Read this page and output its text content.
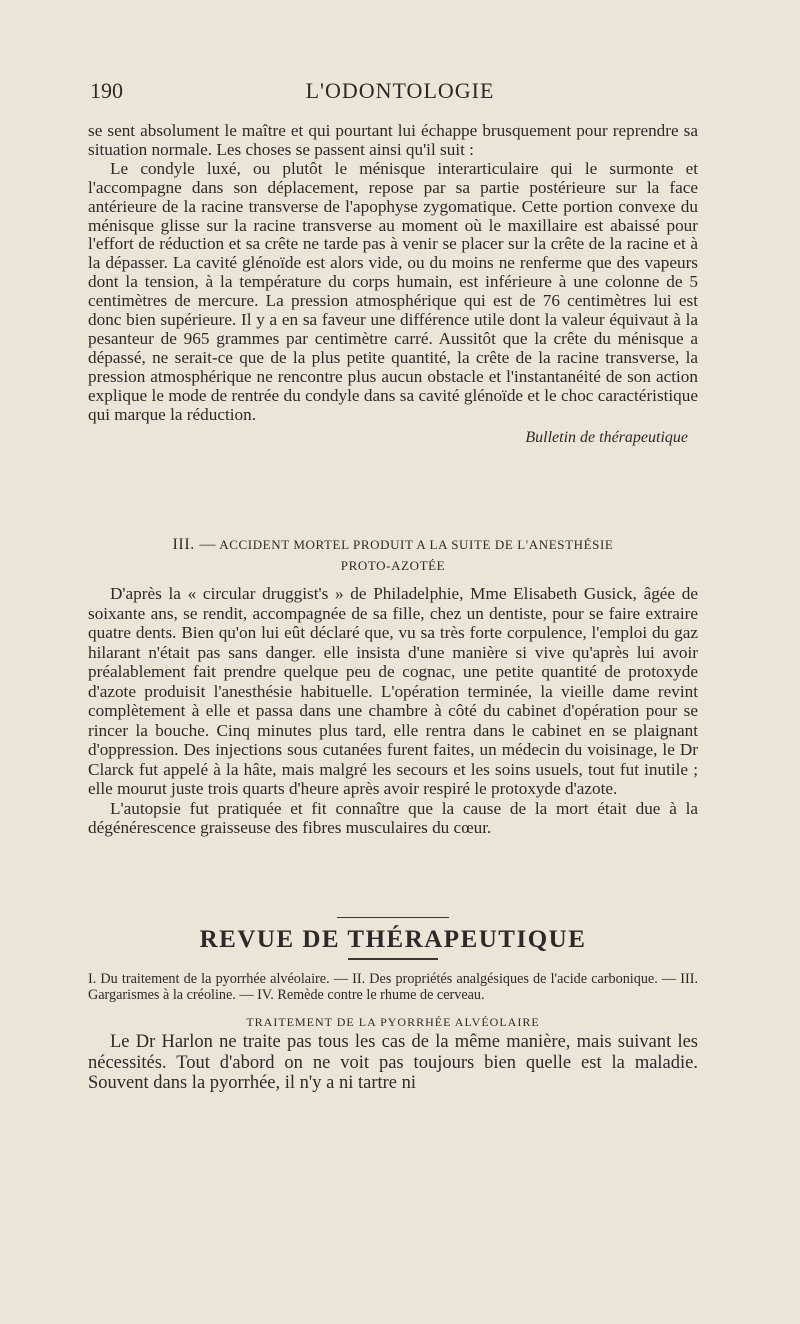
190	L'ODONTOLOGIE

se sent absolument le maître et qui pourtant lui échappe brusquement pour reprendre sa situation normale. Les choses se passent ainsi qu'il suit :

Le condyle luxé, ou plutôt le ménisque interarticulaire qui le surmonte et l'accompagne dans son déplacement, repose par sa partie postérieure sur la face antérieure de la racine transverse de l'apophyse zygomatique. Cette portion convexe du ménisque glisse sur la racine transverse au moment où le maxillaire est abaissé pour l'effort de réduction et sa crête ne tarde pas à venir se placer sur la crête de la racine et à la dépasser. La cavité glénoïde est alors vide, ou du moins ne renferme que des vapeurs dont la tension, à la température du corps humain, est inférieure à une colonne de 5 centimètres de mercure. La pression atmosphérique qui est de 76 centimètres lui est donc bien supérieure. Il y a en sa faveur une différence utile dont la valeur équivaut à la pesanteur de 965 grammes par centimètre carré. Aussitôt que la crête du ménisque a dépassé, ne serait-ce que de la plus petite quantité, la crête de la racine transverse, la pression atmosphérique ne rencontre plus aucun obstacle et l'instantanéité de son action explique le mode de rentrée du condyle dans sa cavité glénoïde et le choc caractéristique qui marque la réduction.

Bulletin de thérapeutique
III. — ACCIDENT MORTEL PRODUIT A LA SUITE DE L'ANESTHÉSIE
PROTO-AZOTÉE

D'après la « circular druggist's » de Philadelphie, Mme Elisabeth Gusick, âgée de soixante ans, se rendit, accompagnée de sa fille, chez un dentiste, pour se faire extraire quatre dents. Bien qu'on lui eût déclaré que, vu sa très forte corpulence, l'emploi du gaz hilarant n'était pas sans danger. elle insista d'une manière si vive qu'après lui avoir préalablement fait prendre quelque peu de cognac, une petite quantité de protoxyde d'azote produisit l'anesthésie habituelle. L'opération terminée, la vieille dame revint complètement à elle et passa dans une chambre à côté du cabinet d'opération pour se rincer la bouche. Cinq minutes plus tard, elle rentra dans le cabinet en se plaignant d'oppression. Des injections sous cutanées furent faites, un médecin du voisinage, le Dr Clarck fut appelé à la hâte, mais malgré les secours et les soins usuels, tout fut inutile ; elle mourut juste trois quarts d'heure après avoir respiré le protoxyde d'azote.

L'autopsie fut pratiquée et fit connaître que la cause de la mort était due à la dégénérescence graisseuse des fibres musculaires du cœur.

REVUE DE THÉRAPEUTIQUE

I. Du traitement de la pyorrhée alvéolaire. — II. Des propriétés analgésiques de l'acide carbonique. — III. Gargarismes à la créoline. — IV. Remède contre le rhume de cerveau.

TRAITEMENT DE LA PYORRHÉE ALVÉOLAIRE

Le Dr Harlon ne traite pas tous les cas de la même manière, mais suivant les nécessités. Tout d'abord on ne voit pas toujours bien quelle est la maladie. Souvent dans la pyorrhée, il n'y a ni tartre ni
